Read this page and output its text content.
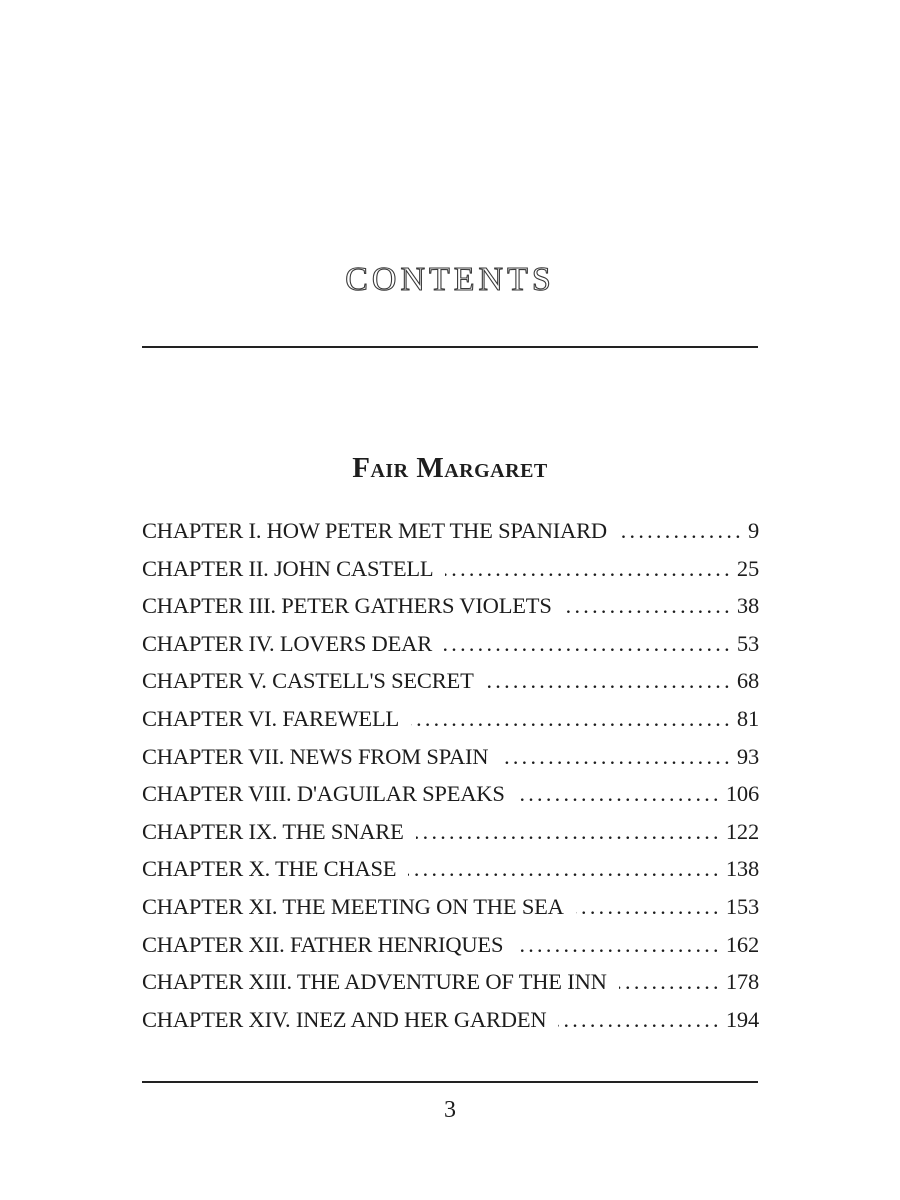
CONTENTS
Fair Margaret
CHAPTER I. HOW PETER MET THE SPANIARD .....	9
CHAPTER II. JOHN CASTELL .....	25
CHAPTER III. PETER GATHERS VIOLETS .....	38
CHAPTER IV. LOVERS DEAR .....	53
CHAPTER V. CASTELL'S SECRET .....	68
CHAPTER VI. FAREWELL .....	81
CHAPTER VII. NEWS FROM SPAIN .....	93
CHAPTER VIII. D'AGUILAR SPEAKS .....	106
CHAPTER IX. THE SNARE .....	122
CHAPTER X. THE CHASE .....	138
CHAPTER XI. THE MEETING ON THE SEA .....	153
CHAPTER XII. FATHER HENRIQUES .....	162
CHAPTER XIII. THE ADVENTURE OF THE INN .....	178
CHAPTER XIV. INEZ AND HER GARDEN .....	194
3
